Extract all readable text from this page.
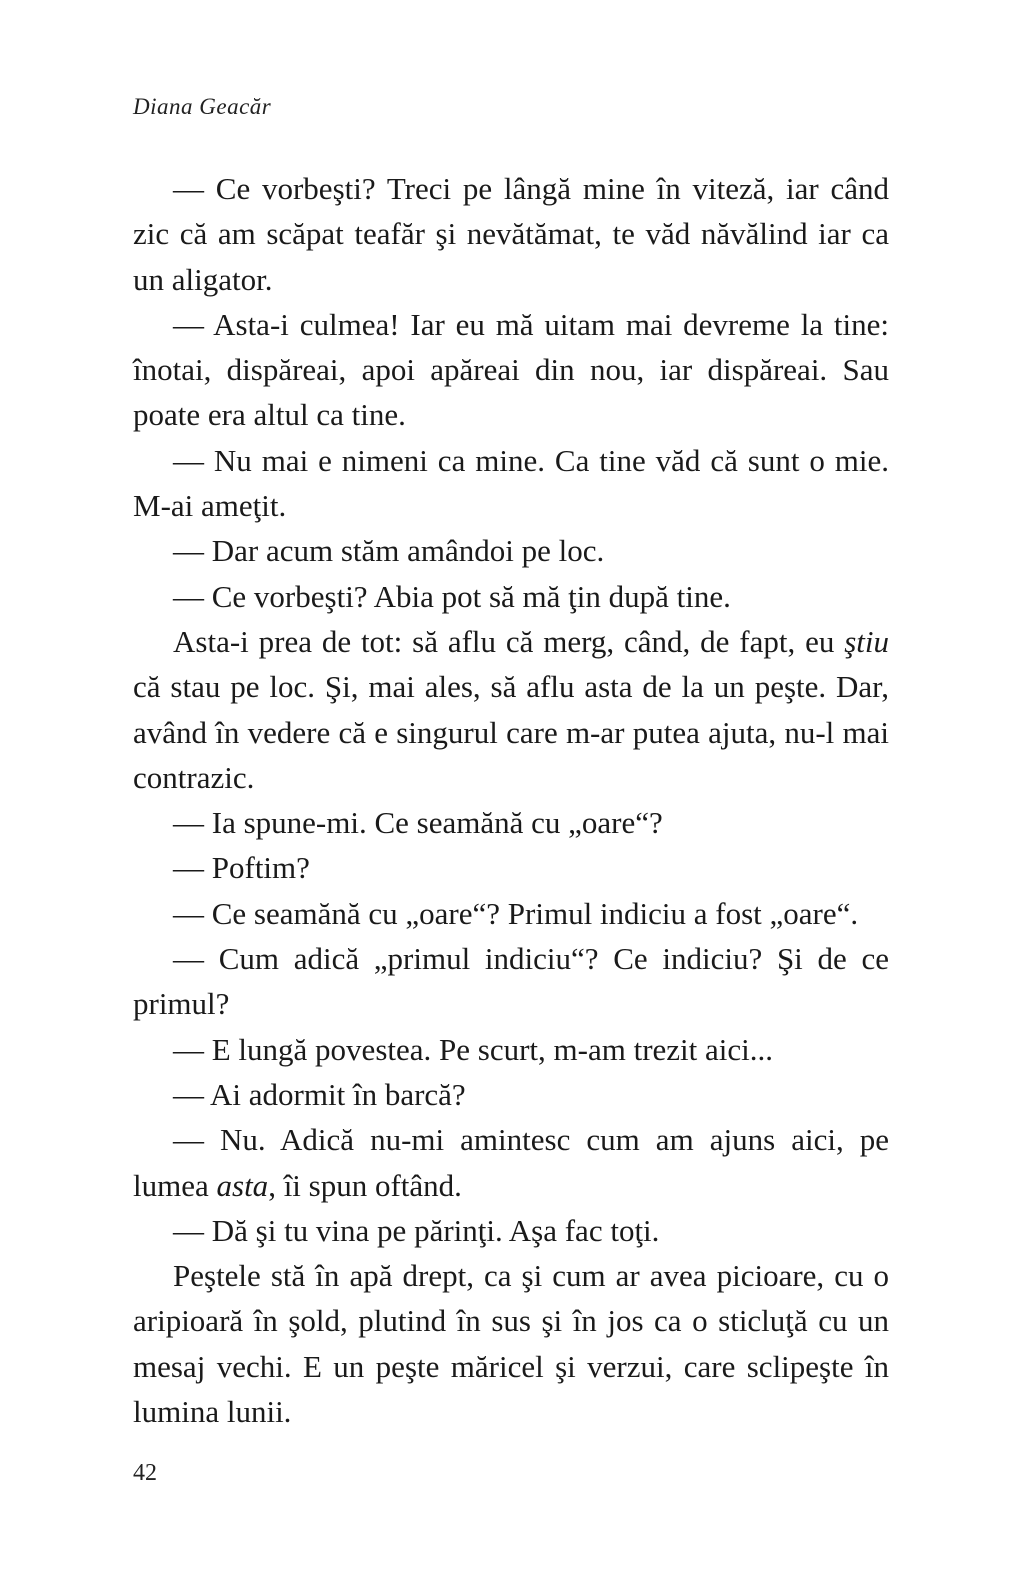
Diana Geacăr

— Ce vorbeşti? Treci pe lângă mine în viteză, iar când zic că am scăpat teafăr şi nevătămat, te văd năvălind iar ca un aligator.

— Asta-i culmea! Iar eu mă uitam mai devreme la tine: înotai, dispăreai, apoi apăreai din nou, iar dispăreai. Sau poate era altul ca tine.

— Nu mai e nimeni ca mine. Ca tine văd că sunt o mie. M-ai ameţit.

— Dar acum stăm amândoi pe loc.

— Ce vorbeşti? Abia pot să mă ţin după tine.

Asta-i prea de tot: să aflu că merg, când, de fapt, eu ştiu că stau pe loc. Şi, mai ales, să aflu asta de la un peşte. Dar, având în vedere că e singurul care m-ar putea ajuta, nu-l mai contrazic.

— Ia spune-mi. Ce seamănă cu „oare“?

— Poftim?

— Ce seamănă cu „oare“? Primul indiciu a fost „oare“.

— Cum adică „primul indiciu“? Ce indiciu? Şi de ce primul?

— E lungă povestea. Pe scurt, m-am trezit aici...

— Ai adormit în barcă?

— Nu. Adică nu-mi amintesc cum am ajuns aici, pe lumea asta, îi spun oftând.

— Dă şi tu vina pe părinţi. Aşa fac toţi.

Peştele stă în apă drept, ca şi cum ar avea picioare, cu o aripioară în şold, plutind în sus şi în jos ca o sticluţă cu un mesaj vechi. E un peşte măricel şi verzui, care sclipeşte în lumina lunii.

42
